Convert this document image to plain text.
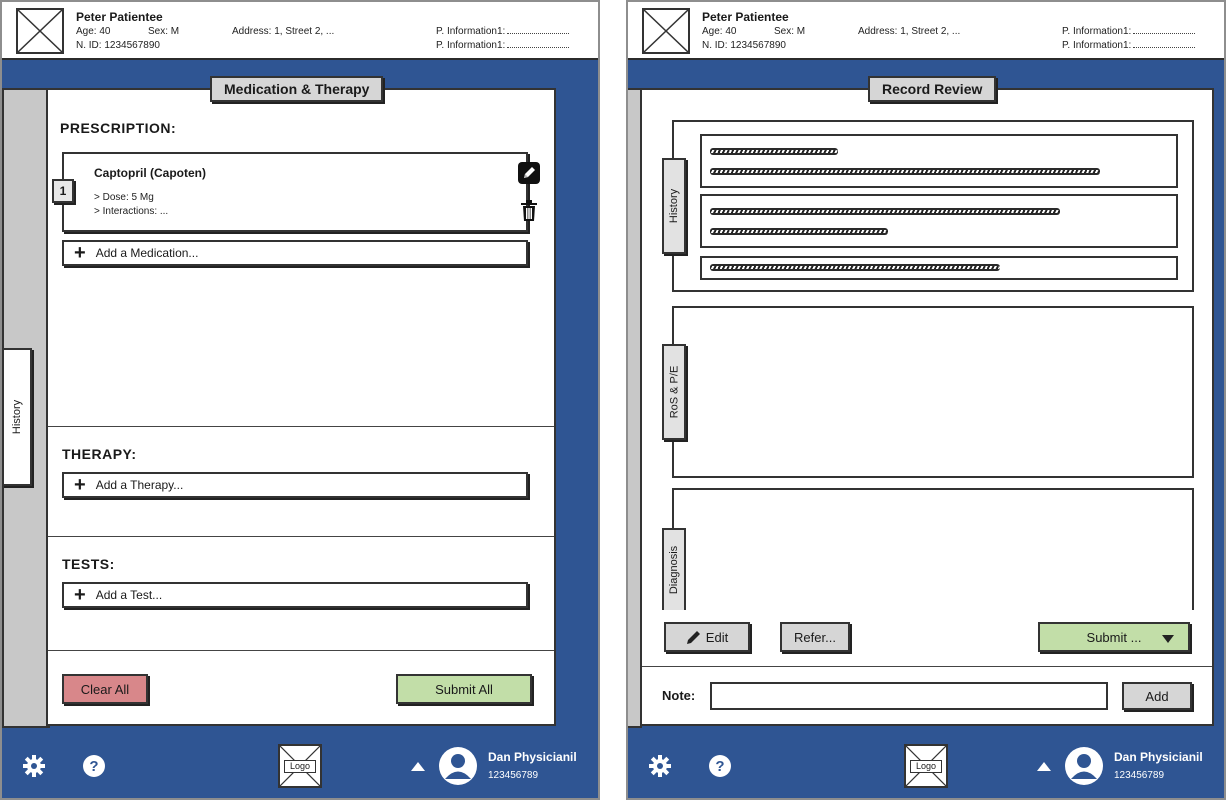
Peter Patientee
Age: 40	Sex: M
N. ID: 1234567890
Address: 1, Street 2, ...	P. Information1:
P. Information1:
History
PRESCRIPTION:
Captopril (Capoten)
> Dose: 5 Mg
> Interactions: ...
1
+ Add a Medication...
THERAPY:
+ Add a Therapy...
TESTS:
+ Add a Test...
Clear All	Submit All
Medication & Therapy
?	Logo
Dan Physicianil
123456789
Peter Patientee
Age: 40	Sex: M
N. ID: 1234567890
Address: 1, Street 2, ...	P. Information1:
P. Information1:
History
RoS & P/E
Diagnosis
Edit	Refer...	Submit ...
Note:	Add
Record Review
?	Logo
Dan Physicianil
123456789
